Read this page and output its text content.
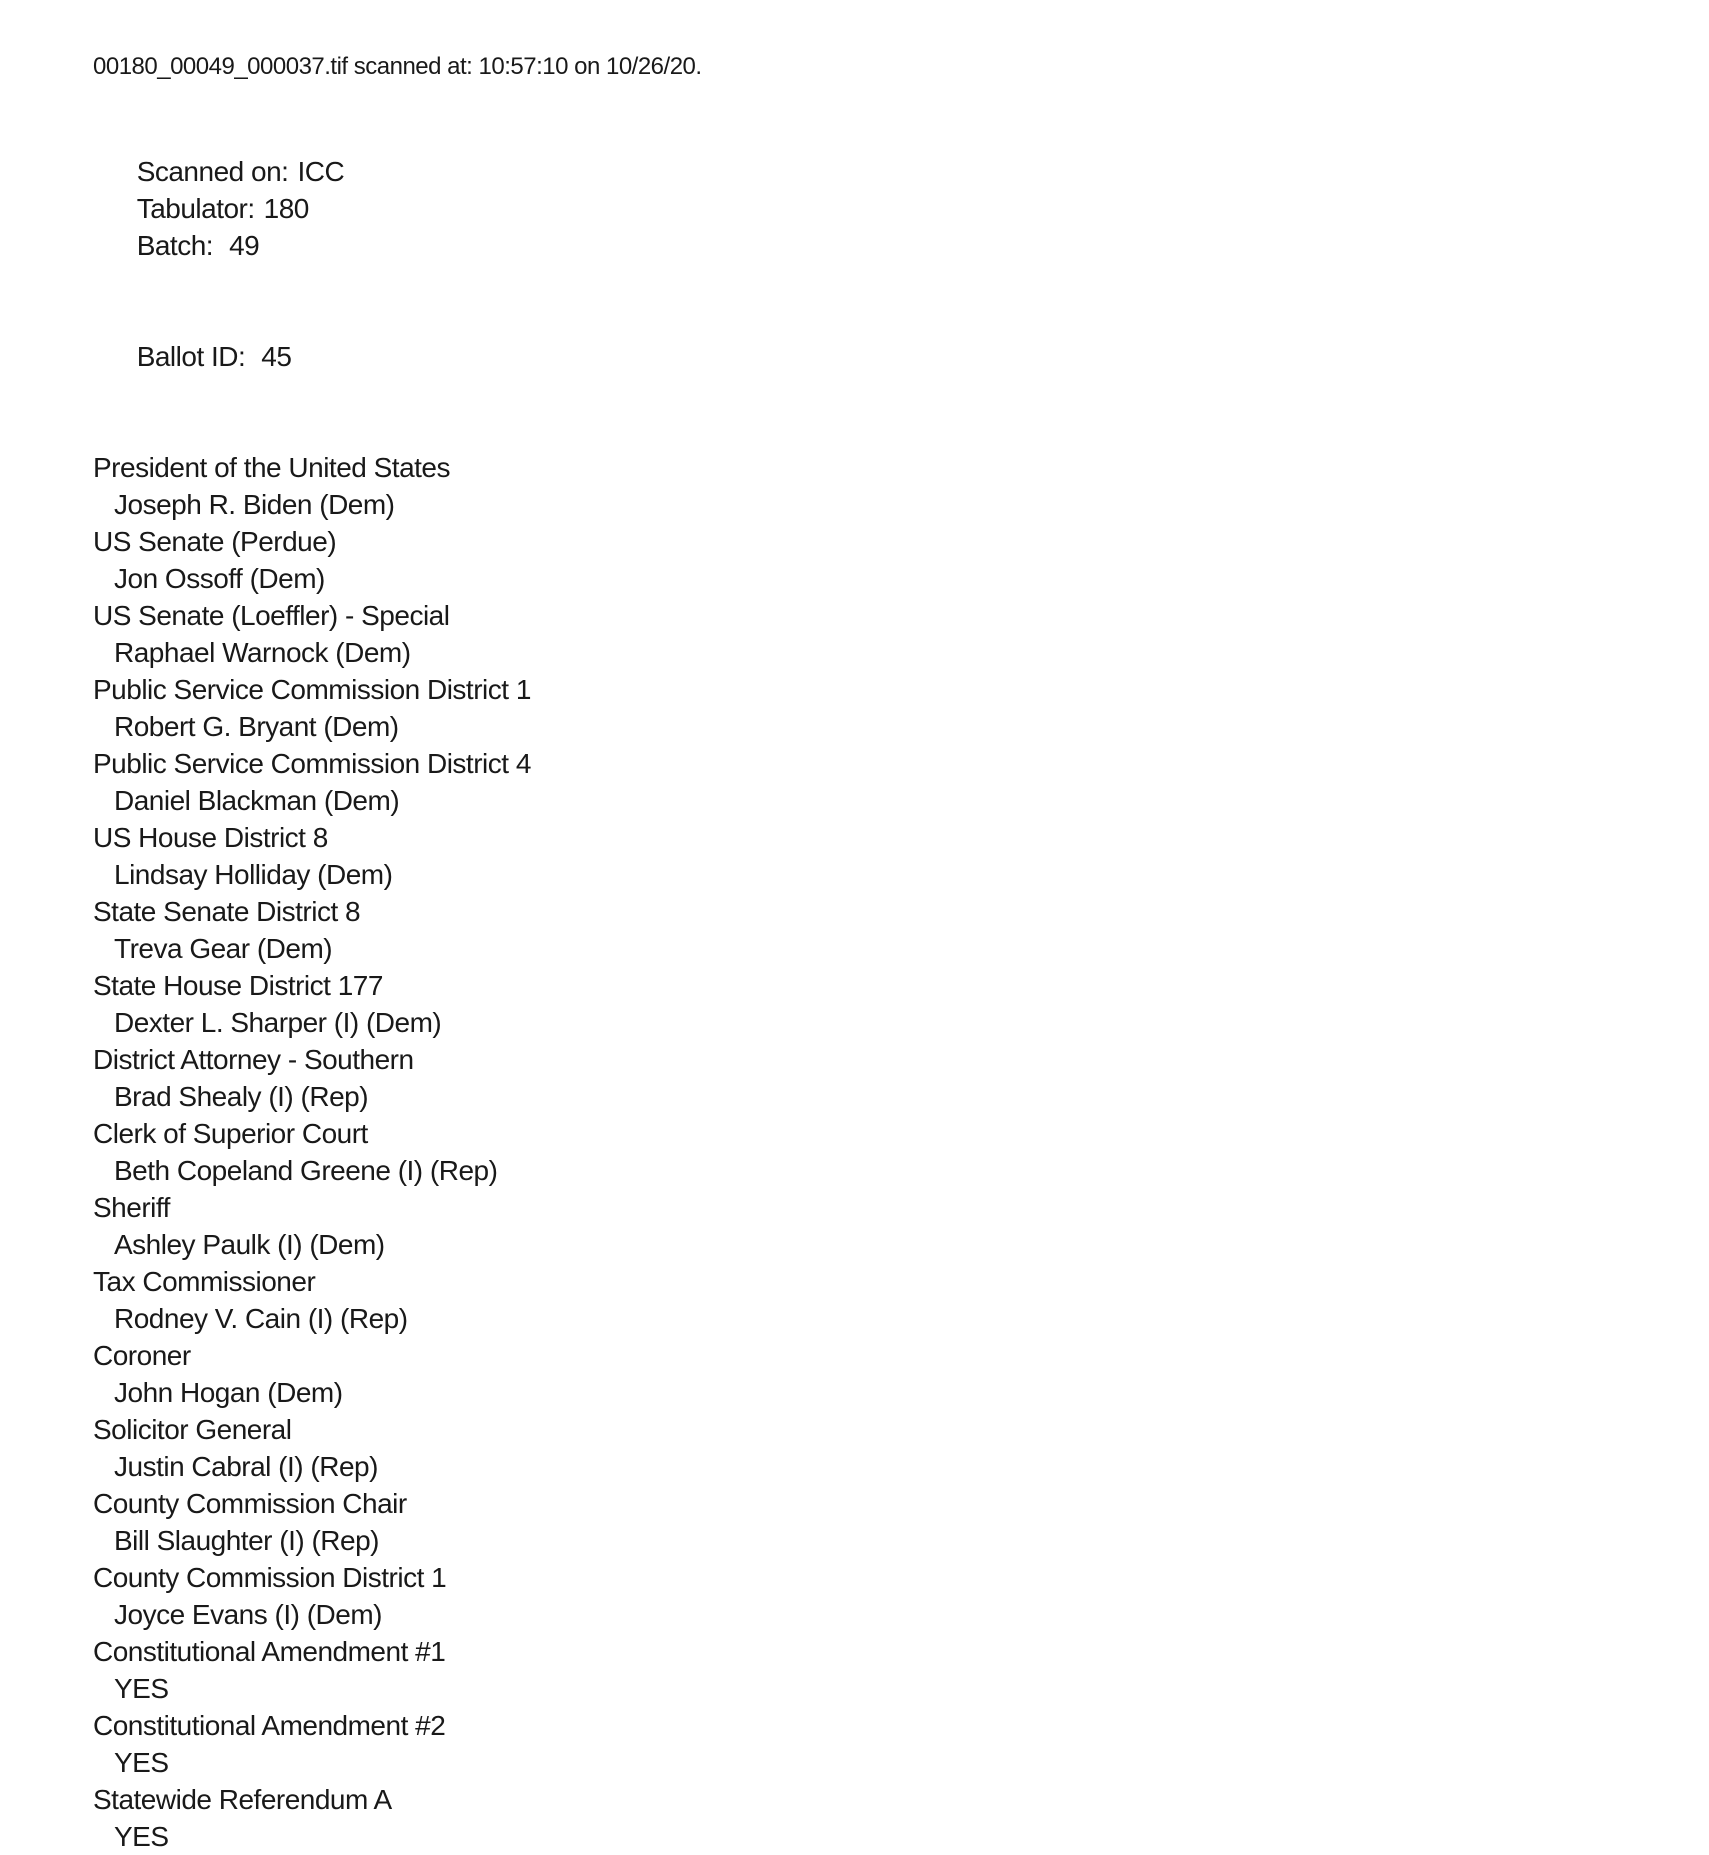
00180_00049_000037.tif scanned at: 10:57:10 on 10/26/20.

Scanned on: ICC
Tabulator: 180
Batch: 49

Ballot ID: 45

President of the United States
Joseph R. Biden (Dem)
US Senate (Perdue)
Jon Ossoff (Dem)
US Senate (Loeffler) - Special
Raphael Warnock (Dem)
Public Service Commission District 1
Robert G. Bryant (Dem)
Public Service Commission District 4
Daniel Blackman (Dem)
US House District 8
Lindsay Holliday (Dem)
State Senate District 8
Treva Gear (Dem)
State House District 177
Dexter L. Sharper (I) (Dem)
District Attorney - Southern
Brad Shealy (I) (Rep)
Clerk of Superior Court
Beth Copeland Greene (I) (Rep)
Sheriff
Ashley Paulk (I) (Dem)
Tax Commissioner
Rodney V. Cain (I) (Rep)
Coroner
John Hogan (Dem)
Solicitor General
Justin Cabral (I) (Rep)
County Commission Chair
Bill Slaughter (I) (Rep)
County Commission District 1
Joyce Evans (I) (Dem)
Constitutional Amendment #1
YES
Constitutional Amendment #2
YES
Statewide Referendum A
YES
